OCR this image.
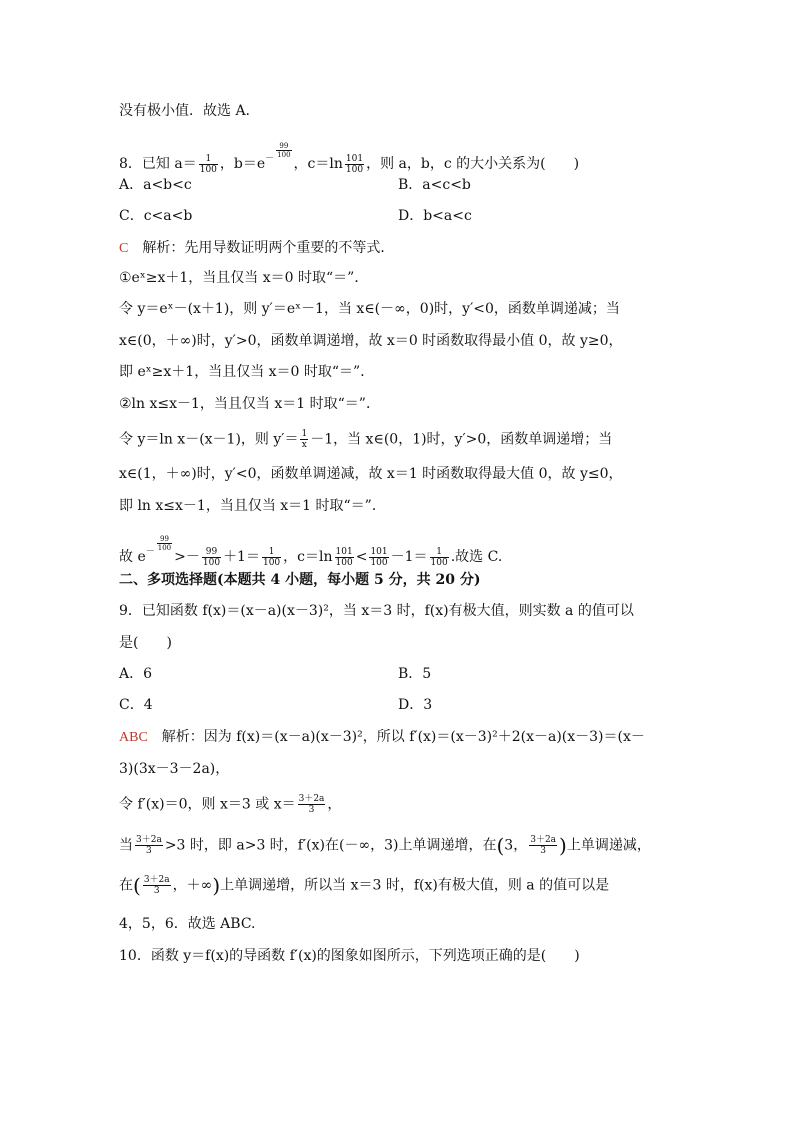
没有极小值．故选 A.
8．已知 $a= \frac{1}{100}$ ，$b=e^{- \frac{99}{100}}$
，$c=\ln \frac{101}{100}$ ，则 a，b，c 的大小关系为(　　)
A．a<b<c	B．a<c<b
C．c<a<b	D．b<a<c
C　解析：先用导数证明两个重要的不等式．
①eˣ≥x＋1，当且仅当 x＝0 时取“＝”．
令 y＝eˣ－(x＋1)，则 y′＝eˣ－1，当 x∈(－∞，0)时，y′<0，函数单调递减；当
x∈(0，＋∞)时，y′>0，函数单调递增，故 x＝0 时函数取得最小值 0，故 y≥0，
即 eˣ≥x＋1，当且仅当 x＝0 时取“＝”．
②ln x≤x－1，当且仅当 x＝1 时取“＝”．
令 y＝ln x－(x－1)，则 $y'= \frac{1}{x} -1$，当 x∈(0，1)时，y′>0，函数单调递增；当
x∈(1，＋∞)时，y′<0，函数单调递减，故 x＝1 时函数取得最大值 0，故 y≤0，
即 ln x≤x－1，当且仅当 x＝1 时取“＝”．
故 $e^{- \frac{99}{100}}$
>－ $\frac{99}{100} +1= \frac{1}{100}$ ，$c=\ln \frac{101}{100} < \frac{101}{100} -1= \frac{1}{100}$ .故选 C.
二、多项选择题(本题共 4 小题，每小题 5 分，共 20 分)
9．已知函数 f(x)＝(x－a)(x－3)²，当 x＝3 时，f(x)有极大值，则实数 a 的值可以
是(　　)
A．6	B．5
C．4	D．3
ABC　解析：因为 f(x)＝(x－a)(x－3)²，所以 f′(x)＝(x－3)²＋2(x－a)(x－3)＝(x－
3)(3x－3－2a)，
令 f′(x)＝0，则 x＝3 或 $x= \frac{3+2a}{3}$ ，
当 $\frac{3+2a}{3} >3$ 时，即 a>3 时，f′(x)在(－∞，3)上单调递增，在(3， $\frac{3+2a}{3}$ )上单调递减，
在( $\frac{3+2a}{3}$ ，＋∞)上单调递增，所以当 x＝3 时，f(x)有极大值，则 a 的值可以是
4，5，6．故选 ABC.
10．函数 y＝f(x)的导函数 f′(x)的图象如图所示，下列选项正确的是(　　)
